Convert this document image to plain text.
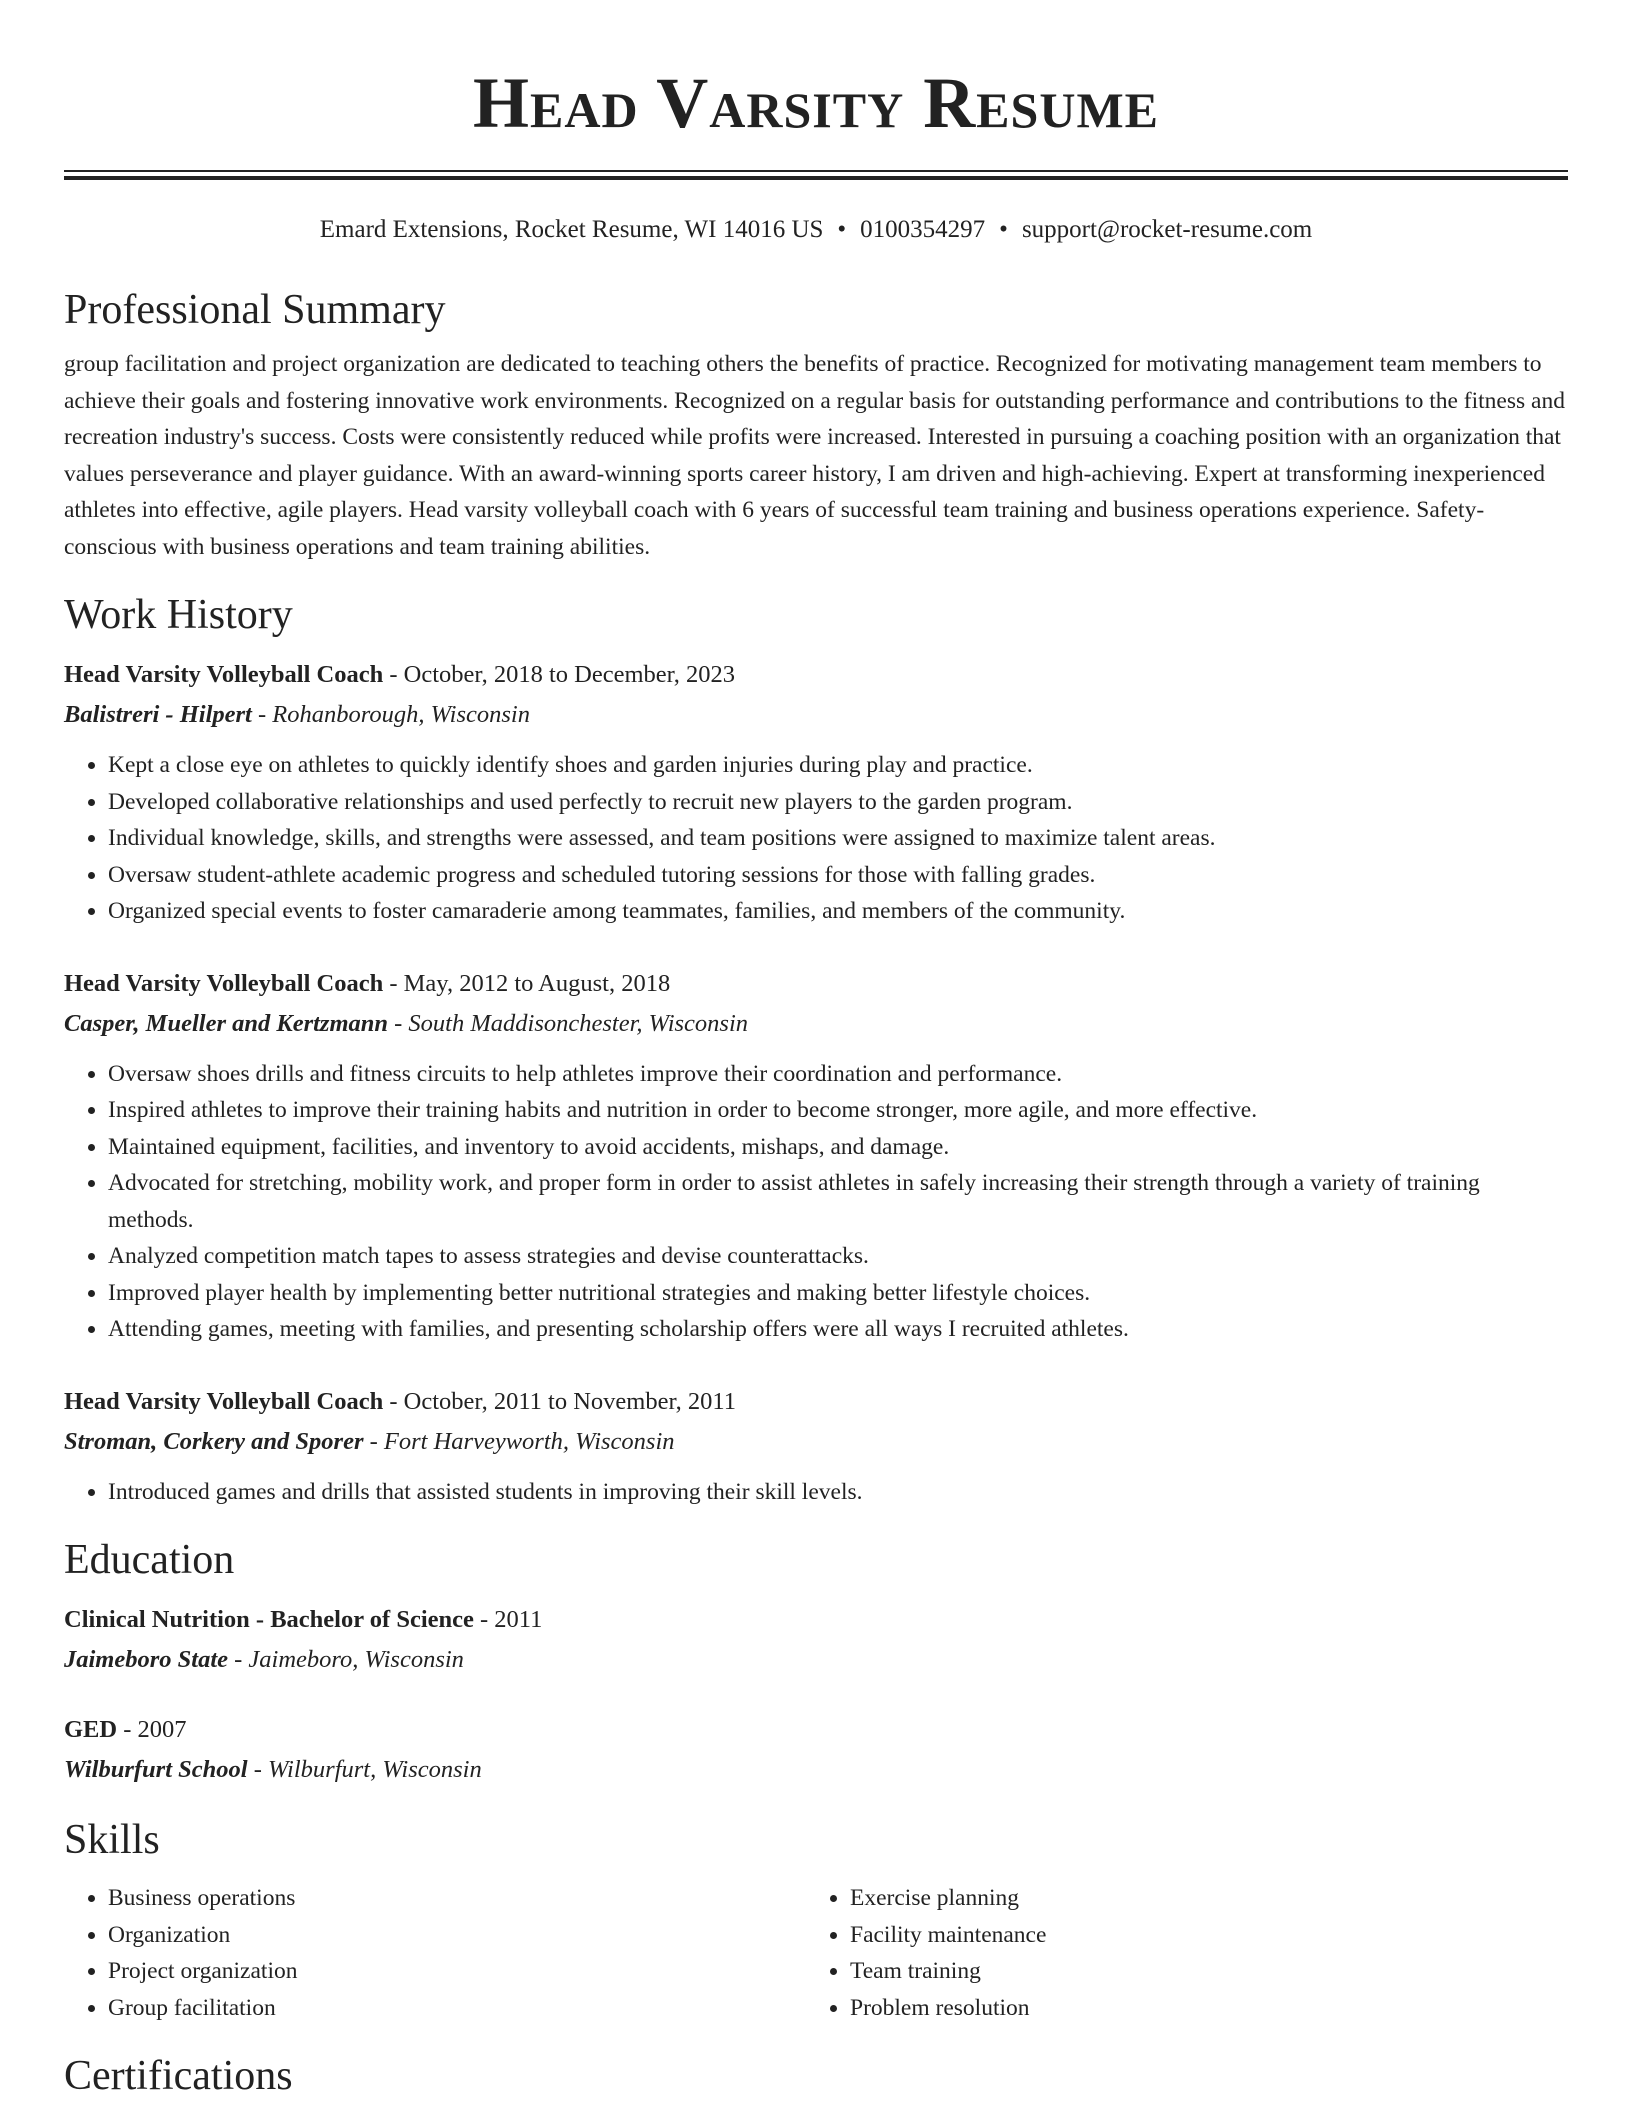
Head Varsity Resume
Emard Extensions, Rocket Resume, WI 14016 US • 0100354297 • support@rocket-resume.com
Professional Summary

group facilitation and project organization are dedicated to teaching others the benefits of practice. Recognized for motivating management team members to achieve their goals and fostering innovative work environments. Recognized on a regular basis for outstanding performance and contributions to the fitness and recreation industry's success. Costs were consistently reduced while profits were increased. Interested in pursuing a coaching position with an organization that values perseverance and player guidance. With an award-winning sports career history, I am driven and high-achieving. Expert at transforming inexperienced athletes into effective, agile players. Head varsity volleyball coach with 6 years of successful team training and business operations experience. Safety-conscious with business operations and team training abilities.

Work History
Head Varsity Volleyball Coach - October, 2018 to December, 2023
Balistreri - Hilpert - Rohanborough, Wisconsin
• Kept a close eye on athletes to quickly identify shoes and garden injuries during play and practice.
• Developed collaborative relationships and used perfectly to recruit new players to the garden program.
• Individual knowledge, skills, and strengths were assessed, and team positions were assigned to maximize talent areas.
• Oversaw student-athlete academic progress and scheduled tutoring sessions for those with falling grades.
• Organized special events to foster camaraderie among teammates, families, and members of the community.
Head Varsity Volleyball Coach - May, 2012 to August, 2018
Casper, Mueller and Kertzmann - South Maddisonchester, Wisconsin
• Oversaw shoes drills and fitness circuits to help athletes improve their coordination and performance.
• Inspired athletes to improve their training habits and nutrition in order to become stronger, more agile, and more effective.
• Maintained equipment, facilities, and inventory to avoid accidents, mishaps, and damage.
• Advocated for stretching, mobility work, and proper form in order to assist athletes in safely increasing their strength through a variety of training methods.
• Analyzed competition match tapes to assess strategies and devise counterattacks.
• Improved player health by implementing better nutritional strategies and making better lifestyle choices.
• Attending games, meeting with families, and presenting scholarship offers were all ways I recruited athletes.
Head Varsity Volleyball Coach - October, 2011 to November, 2011
Stroman, Corkery and Sporer - Fort Harveyworth, Wisconsin
• Introduced games and drills that assisted students in improving their skill levels.
Education
Clinical Nutrition - Bachelor of Science - 2011
Jaimeboro State - Jaimeboro, Wisconsin
GED - 2007
Wilburfurt School - Wilburfurt, Wisconsin
Skills
• Business operations
• Organization
• Project organization
• Group facilitation
• Exercise planning
• Facility maintenance
• Team training
• Problem resolution
Certifications
